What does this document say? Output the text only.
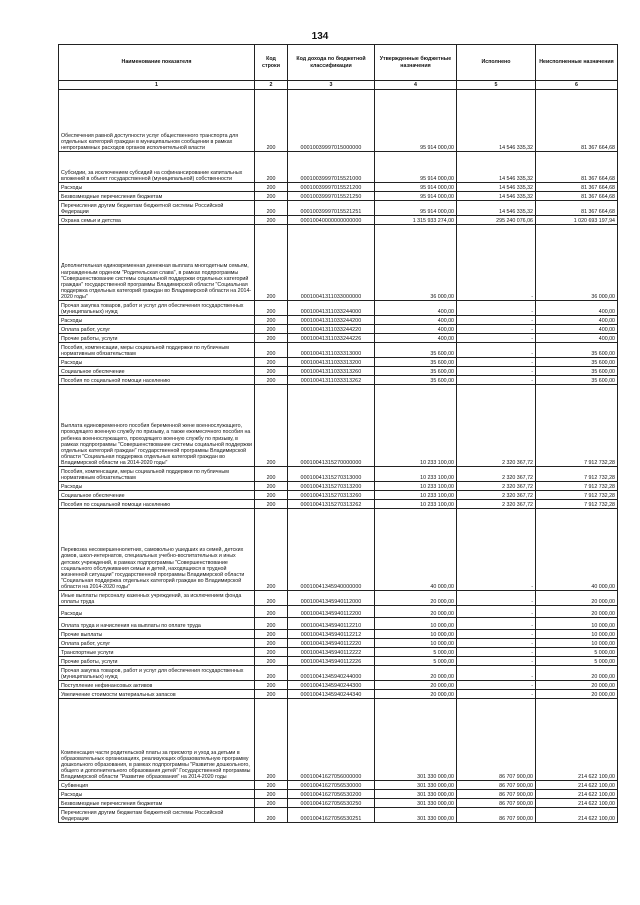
134
Наименование показателя	Код строки	Код дохода по бюджетной классификации	Утвержденные бюджетные назначения	Исполнено	Неисполненные назначения
1	2	3	4	5	6
Обеспечения равной доступности услуг общественного транспорта для отдельных категорий граждан в муниципальном сообщении в рамках непрограммных расходов органов исполнительной власти	200	00010039997015000000	95 914 000,00	14 546 335,32	81 367 664,68
Субсидии, за исключением субсидий на софинансирование капитальных вложений в объект государственной (муниципальной) собственности	200	00010039997015521000	95 914 000,00	14 546 335,32	81 367 664,68
Расходы	200	00010039997015521200	95 914 000,00	14 546 335,32	81 367 664,68
Безвозмездные перечисления бюджетам	200	00010039997015521250	95 914 000,00	14 546 335,32	81 367 664,68
Перечисления другим бюджетам бюджетной системы Российской Федерации	200	00010039997015521251	95 914 000,00	14 546 335,32	81 367 664,68
Охрана семьи и детства	200	00010040000000000000	1 315 933 274,00	295 240 076,06	1 020 693 197,94
Дополнительная единовременная денежная выплата многодетным семьям, награжденным орденом "Родительская слава", в рамках подпрограммы "Совершенствование системы социальной поддержки отдельных категорий граждан" государственной программы Владимирской области "Социальная поддержка отдельных категорий граждан во Владимирской области на 2014-2020 годы"	200	00010041311033000000	36 000,00	-	36 000,00
Прочая закупка товаров, работ и услуг для обеспечения государственных (муниципальных) нужд	200	00010041311033244000	400,00	-	400,00
Расходы	200	00010041311033244200	400,00	-	400,00
Оплата работ, услуг	200	00010041311033244220	400,00	-	400,00
Прочие работы, услуги	200	00010041311033244226	400,00	-	400,00
Пособия, компенсации, меры социальной поддержки по публичным нормативным обязательствам	200	00010041311033313000	35 600,00	-	35 600,00
Расходы	200	00010041311033313200	35 600,00	-	35 600,00
Социальное обеспечение	200	00010041311033313260	35 600,00	-	35 600,00
Пособия по социальной помощи населению	200	00010041311033313262	35 600,00	-	35 600,00
Выплата единовременного пособия беременной жене военнослужащего, проходящего военную службу по призыву, а также ежемесячного пособия на ребенка военнослужащего, проходящего военную службу по призыву, в рамках подпрограммы "Совершенствование системы социальной поддержки отдельных категорий граждан" государственной программы Владимирской области "Социальная поддержка отдельных категорий граждан во Владимирской области на 2014-2020 годы"	200	00010041315270000000	10 233 100,00	2 320 367,72	7 912 732,28
Пособия, компенсации, меры социальной поддержки по публичным нормативным обязательствам	200	00010041315270313000	10 233 100,00	2 320 367,72	7 912 732,28
Расходы	200	00010041315270313200	10 233 100,00	2 320 367,72	7 912 732,28
Социальное обеспечение	200	00010041315270313260	10 233 100,00	2 320 367,72	7 912 732,28
Пособия по социальной помощи населению	200	00010041315270313262	10 233 100,00	2 320 367,72	7 912 732,28
Перевозка несовершеннолетних, самовольно ушедших из семей, детских домов, школ-интернатов, специальных учебно-воспитательных и иных детских учреждений, в рамках подпрограммы "Совершенствование социального обслуживания семьи и детей, находящихся в трудной жизненной ситуации" государственной программы Владимирской области "Социальная поддержка отдельных категорий граждан во Владимирской области на 2014-2020 годы"	200	00010041345940000000	40 000,00	-	40 000,00
Иные выплаты персоналу казенных учреждений, за исключением фонда оплаты труда	200	00010041345940112000	20 000,00	-	20 000,00
Расходы	200	00010041345940112200	20 000,00	-	20 000,00
Оплата труда и начисления на выплаты по оплате труда	200	00010041345940112210	10 000,00	-	10 000,00
Прочие выплаты	200	00010041345940112212	10 000,00	-	10 000,00
Оплата работ, услуг	200	00010041345940112220	10 000,00	-	10 000,00
Транспортные услуги	200	00010041345940112222	5 000,00	-	5 000,00
Прочие работы, услуги	200	00010041345940112226	5 000,00	-	5 000,00
Прочая закупка товаров, работ и услуг для обеспечения государственных (муниципальных) нужд	200	00010041345940244000	20 000,00	-	20 000,00
Поступление нефинансовых активов	200	00010041345940244300	20 000,00	-	20 000,00
Увеличение стоимости материальных запасов	200	00010041345940244340	20 000,00	-	20 000,00
Компенсация части родительской платы за присмотр и уход за детьми в образовательных организациях, реализующих образовательную программу дошкольного образования, в рамках подпрограммы "Развитие дошкольного, общего и дополнительного образования детей" Государственной программы Владимирской области "Развитие образования" на 2014-2020 годы	200	00010041627056000000	301 330 000,00	86 707 900,00	214 622 100,00
Субвенция	200	00010041627056530000	301 330 000,00	86 707 900,00	214 622 100,00
Расходы	200	00010041627056530200	301 330 000,00	86 707 900,00	214 622 100,00
Безвозмездные перечисления бюджетам	200	00010041627056530250	301 330 000,00	86 707 900,00	214 622 100,00
Перечисления другим бюджетам бюджетной системы Российской Федерации	200	00010041627056530251	301 330 000,00	86 707 900,00	214 622 100,00
